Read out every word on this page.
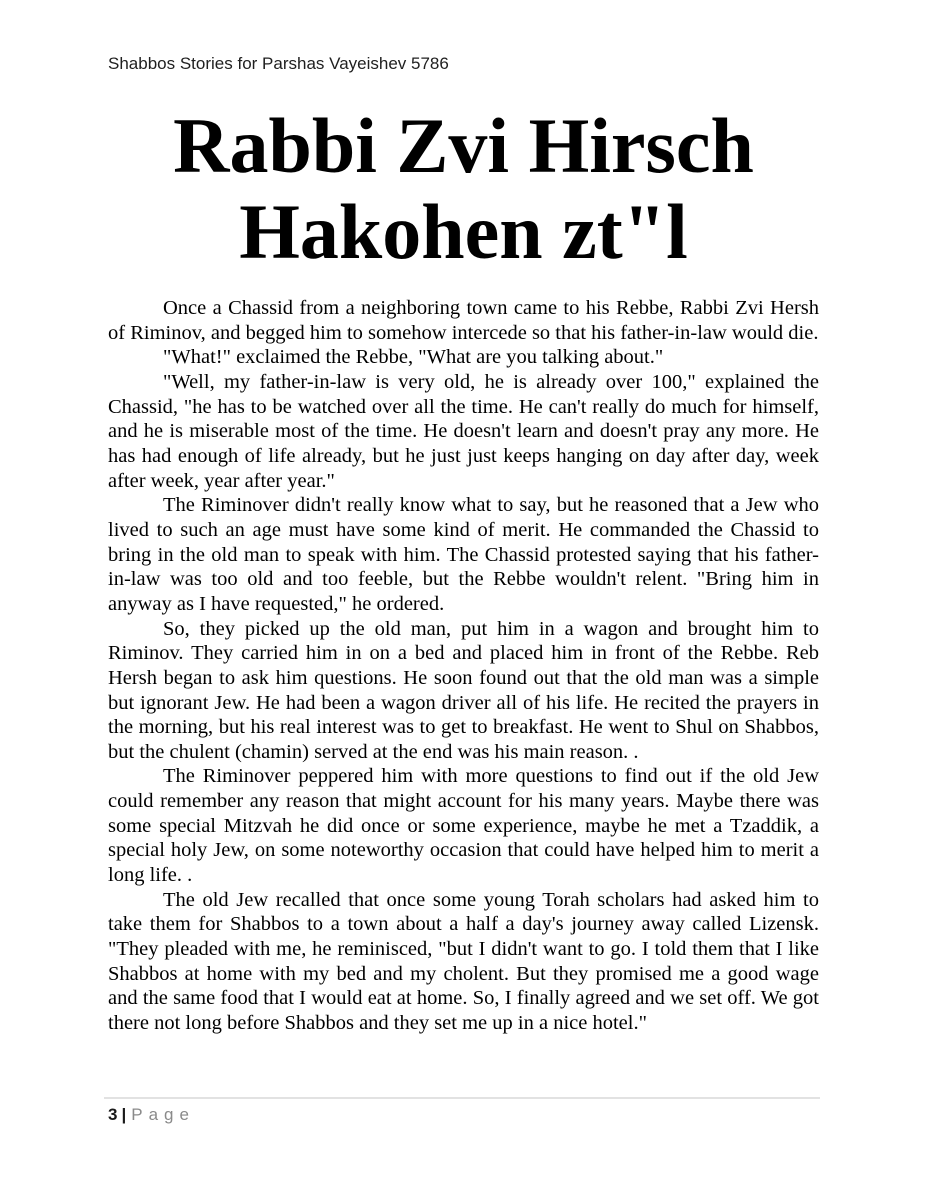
Shabbos Stories for Parshas Vayeishev 5786
Rabbi Zvi Hirsch Hakohen zt"l

Once a Chassid from a neighboring town came to his Rebbe, Rabbi Zvi Hersh of Riminov, and begged him to somehow intercede so that his father-in-law would die.

"What!" exclaimed the Rebbe, "What are you talking about."

"Well, my father-in-law is very old, he is already over 100," explained the Chassid, "he has to be watched over all the time. He can't really do much for himself, and he is miserable most of the time. He doesn't learn and doesn't pray any more. He has had enough of life already, but he just just keeps hanging on day after day, week after week, year after year."

The Riminover didn't really know what to say, but he reasoned that a Jew who lived to such an age must have some kind of merit. He commanded the Chassid to bring in the old man to speak with him. The Chassid protested saying that his father-in-law was too old and too feeble, but the Rebbe wouldn't relent. "Bring him in anyway as I have requested," he ordered.

So, they picked up the old man, put him in a wagon and brought him to Riminov. They carried him in on a bed and placed him in front of the Rebbe. Reb Hersh began to ask him questions. He soon found out that the old man was a simple but ignorant Jew. He had been a wagon driver all of his life. He recited the prayers in the morning, but his real interest was to get to breakfast. He went to Shul on Shabbos, but the chulent (chamin) served at the end was his main reason. .

The Riminover peppered him with more questions to find out if the old Jew could remember any reason that might account for his many years. Maybe there was some special Mitzvah he did once or some experience, maybe he met a Tzaddik, a special holy Jew, on some noteworthy occasion that could have helped him to merit a long life. .

The old Jew recalled that once some young Torah scholars had asked him to take them for Shabbos to a town about a half a day's journey away called Lizensk. "They pleaded with me, he reminisced, "but I didn't want to go. I told them that I like Shabbos at home with my bed and my cholent. But they promised me a good wage and the same food that I would eat at home. So, I finally agreed and we set off. We got there not long before Shabbos and they set me up in a nice hotel."

3 | Page
